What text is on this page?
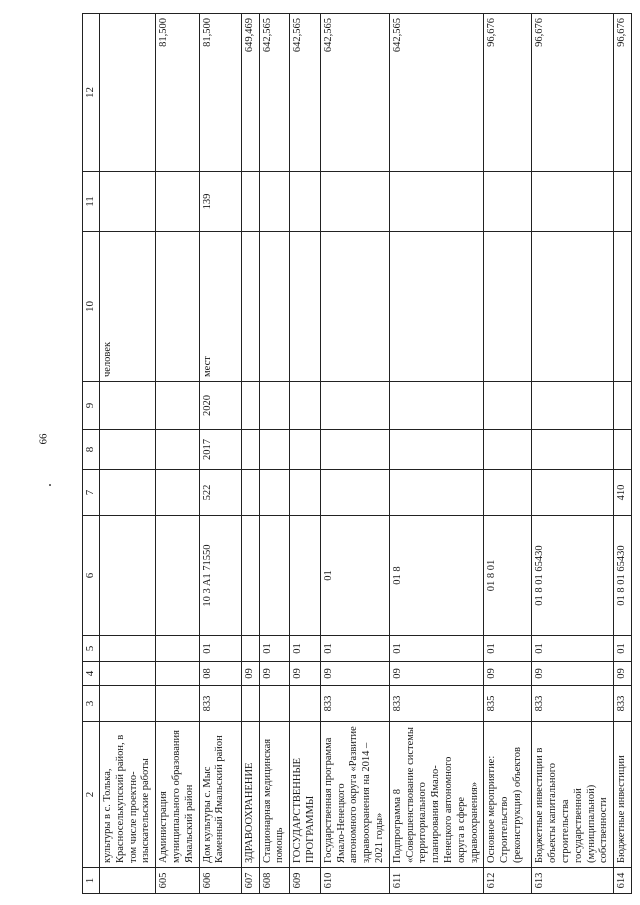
66
1	2	3	4	5	6	7	8	9	10	11	12
	культуры в с. Толька, Красноселькупский район, в том числе проектно-изыскательские работы								человек		
605	Администрация муниципального образования Ямальский район										81,500
606	Дом культуры с. Мыс Каменный Ямальский район	833	08	01	10 3 A1 71550	522	2017	2020	мест	139	81,500
607	ЗДРАВООХРАНЕНИЕ		09								649,469
608	Стационарная медицинская помощь		09	01							642,565
609	ГОСУДАРСТВЕННЫЕ ПРОГРАММЫ		09	01							642,565
610	Государственная программа Ямало-Ненецкого автономного округа «Развитие здравоохранения на 2014 – 2021 годы»	833	09	01	01						642,565
611	Подпрограмма 8 «Совершенствование системы территориального планирования Ямало-Ненецкого автономного округа в сфере здравоохранения»	833	09	01	01 8						642,565
612	Основное мероприятие: Строительство (реконструкция) объектов	835	09	01	01 8 01						96,676
613	Бюджетные инвестиции в объекты капитального строительства государственной (муниципальной) собственности	833	09	01	01 8 01 65430						96,676
614	Бюджетные инвестиции	833	09	01	01 8 01 65430	410					96,676
